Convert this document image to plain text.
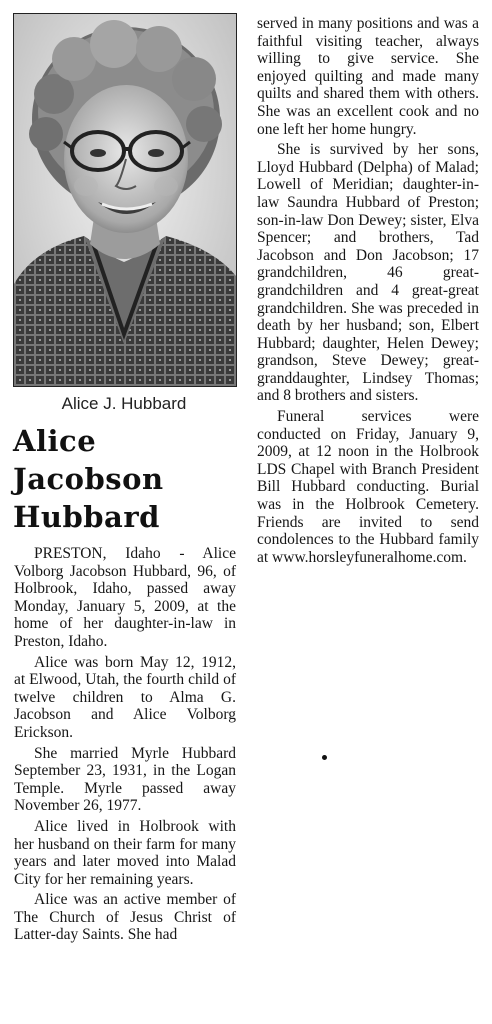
Alice J. Hubbard
Alice
Jacobson
Hubbard

PRESTON, Idaho - Alice Volborg Jacobson Hubbard, 96, of Holbrook, Idaho, passed away Monday, January 5, 2009, at the home of her daughter-in-law in Preston, Idaho.

Alice was born May 12, 1912, at Elwood, Utah, the fourth child of twelve children to Alma G. Jacobson and Alice Volborg Erickson.

She married Myrle Hubbard September 23, 1931, in the Logan Temple. Myrle passed away November 26, 1977.

Alice lived in Holbrook with her husband on their farm for many years and later moved into Malad City for her remaining years.

Alice was an active member of The Church of Jesus Christ of Latter-day Saints. She had

served in many positions and was a faithful visiting teacher, always willing to give service. She enjoyed quilting and made many quilts and shared them with others. She was an excellent cook and no one left her home hungry.

She is survived by her sons, Lloyd Hubbard (Delpha) of Malad; Lowell of Meridian; daughter-in-law Saundra Hubbard of Preston; son-in-law Don Dewey; sister, Elva Spencer; and brothers, Tad Jacobson and Don Jacobson; 17 grandchildren, 46 great-grandchildren and 4 great-great grandchildren. She was preceded in death by her husband; son, Elbert Hubbard; daughter, Helen Dewey; grandson, Steve Dewey; great-granddaughter, Lindsey Thomas; and 8 brothers and sisters.

Funeral services were conducted on Friday, January 9, 2009, at 12 noon in the Holbrook LDS Chapel with Branch President Bill Hubbard conducting. Burial was in the Holbrook Cemetery. Friends are invited to send condolences to the Hubbard family at www.horsleyfuneralhome.com.
